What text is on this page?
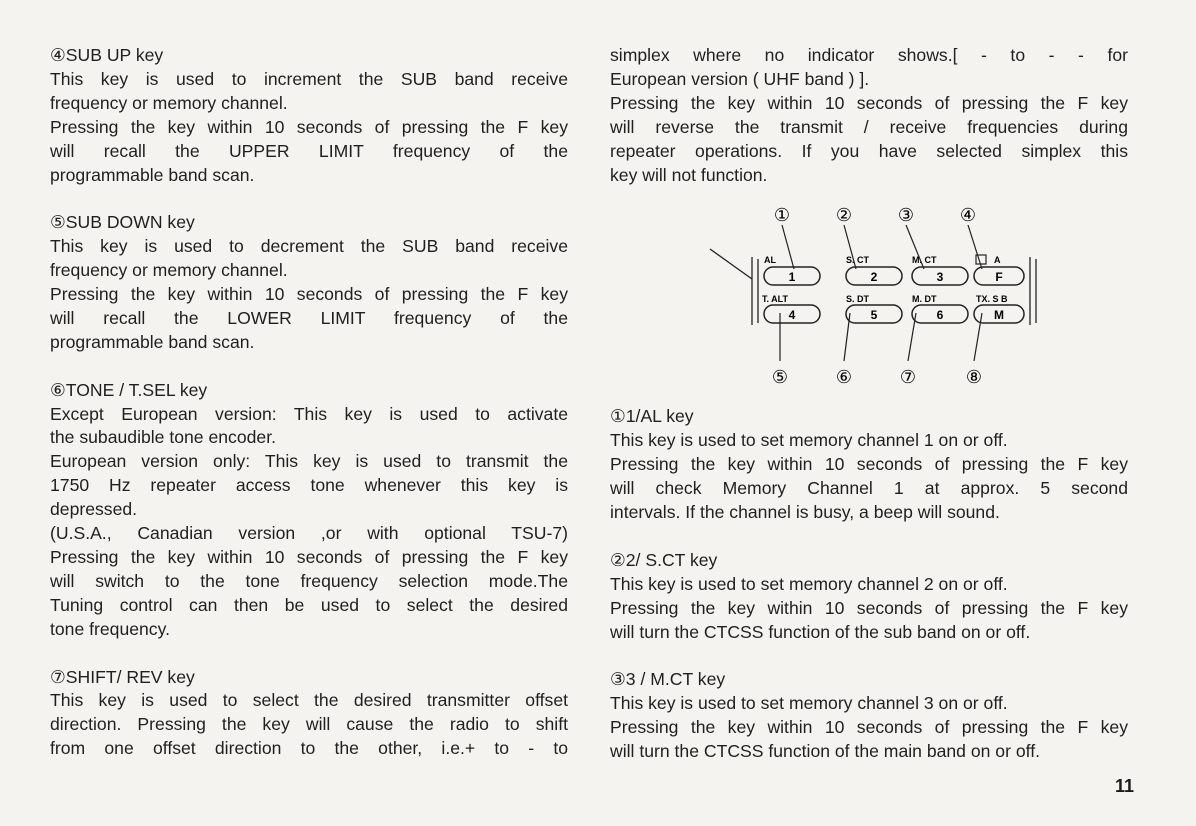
④SUB UP key

This key is used to increment the SUB band receive

frequency or memory channel.

Pressing the key within 10 seconds of pressing the F key

will recall the UPPER LIMIT frequency of the

programmable band scan.

⑤SUB DOWN key

This key is used to decrement the SUB band receive

frequency or memory channel.

Pressing the key within 10 seconds of pressing the F key

will recall the LOWER LIMIT frequency of the

programmable band scan.

⑥TONE / T.SEL key

Except European version: This key is used to activate

the subaudible tone encoder.

European version only: This key is used to transmit the

1750 Hz repeater access tone whenever this key is

depressed.

(U.S.A., Canadian version ,or with optional TSU-7)

Pressing the key within 10 seconds of pressing the F key

will switch to the tone frequency selection mode.The

Tuning control can then be used to select the desired

tone frequency.

⑦SHIFT/ REV key

This key is used to select the desired transmitter offset

direction. Pressing the key will cause the radio to shift

from one offset direction to the other, i.e.+ to - to

simplex where no indicator shows.[ - to - - for

European version ( UHF band ) ].

Pressing the key within 10 seconds of pressing the F key

will reverse the transmit / receive frequencies during

repeater operations. If you have selected simplex this

key will not function.

①	②	③	④
AL
1
S. CT
2
M. CT
3
A
F
T. ALT
4
S. DT
5
M. DT
6
TX. S B
M
⑤	⑥	⑦	⑧

①1/AL key

This key is used to set memory channel 1 on or off.

Pressing the key within 10 seconds of pressing the F key

will check Memory Channel 1 at approx. 5 second

intervals. If the channel is busy, a beep will sound.

②2/ S.CT key

This key is used to set memory channel 2 on or off.

Pressing the key within 10 seconds of pressing the F key

will turn the CTCSS function of the sub band on or off.

③3 / M.CT key

This key is used to set memory channel 3 on or off.

Pressing the key within 10 seconds of pressing the F key

will turn the CTCSS function of the main band on or off.

11
